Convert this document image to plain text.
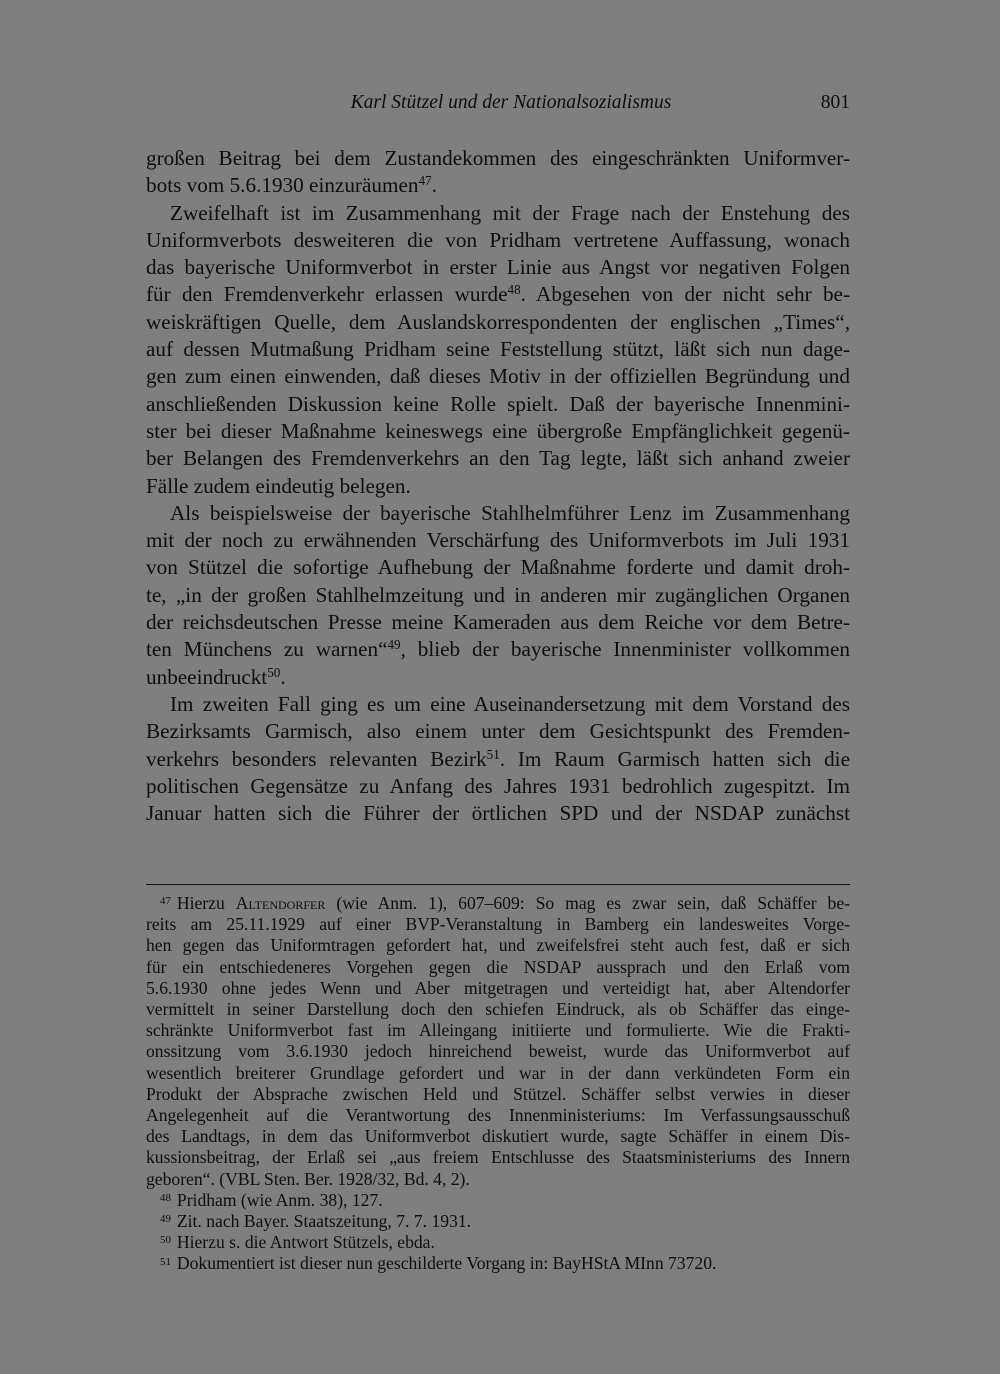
Karl Stützel und der Nationalsozialismus	801

großen Beitrag bei dem Zustandekommen des eingeschränkten Uniformver-
bots vom 5.6.1930 einzuräumen$^{47}$.

Zweifelhaft ist im Zusammenhang mit der Frage nach der Enstehung des
Uniformverbots desweiteren die von Pridham vertretene Auffassung, wonach
das bayerische Uniformverbot in erster Linie aus Angst vor negativen Folgen
für den Fremdenverkehr erlassen wurde$^{48}$. Abgesehen von der nicht sehr be-
weiskräftigen Quelle, dem Auslandskorrespondenten der englischen „Times“,
auf dessen Mutmaßung Pridham seine Feststellung stützt, läßt sich nun dage-
gen zum einen einwenden, daß dieses Motiv in der offiziellen Begründung und
anschließenden Diskussion keine Rolle spielt. Daß der bayerische Innenmini-
ster bei dieser Maßnahme keineswegs eine übergroße Empfänglichkeit gegenü-
ber Belangen des Fremdenverkehrs an den Tag legte, läßt sich anhand zweier
Fälle zudem eindeutig belegen.

Als beispielsweise der bayerische Stahlhelmführer Lenz im Zusammenhang
mit der noch zu erwähnenden Verschärfung des Uniformverbots im Juli 1931
von Stützel die sofortige Aufhebung der Maßnahme forderte und damit droh-
te, „in der großen Stahlhelmzeitung und in anderen mir zugänglichen Organen
der reichsdeutschen Presse meine Kameraden aus dem Reiche vor dem Betre-
ten Münchens zu warnen“$^{49}$, blieb der bayerische Innenminister vollkommen
unbeeindruckt$^{50}$.

Im zweiten Fall ging es um eine Auseinandersetzung mit dem Vorstand des
Bezirksamts Garmisch, also einem unter dem Gesichtspunkt des Fremden-
verkehrs besonders relevanten Bezirk$^{51}$. Im Raum Garmisch hatten sich die
politischen Gegensätze zu Anfang des Jahres 1931 bedrohlich zugespitzt. Im
Januar hatten sich die Führer der örtlichen SPD und der NSDAP zunächst

$^{47}$ Hierzu Altendorfer (wie Anm. 1), 607–609: So mag es zwar sein, daß Schäffer be-
reits am 25.11.1929 auf einer BVP-Veranstaltung in Bamberg ein landesweites Vorge-
hen gegen das Uniformtragen gefordert hat, und zweifelsfrei steht auch fest, daß er sich
für ein entschiedeneres Vorgehen gegen die NSDAP aussprach und den Erlaß vom
5.6.1930 ohne jedes Wenn und Aber mitgetragen und verteidigt hat, aber Altendorfer
vermittelt in seiner Darstellung doch den schiefen Eindruck, als ob Schäffer das einge-
schränkte Uniformverbot fast im Alleingang initiierte und formulierte. Wie die Frakti-
onssitzung vom 3.6.1930 jedoch hinreichend beweist, wurde das Uniformverbot auf
wesentlich breiterer Grundlage gefordert und war in der dann verkündeten Form ein
Produkt der Absprache zwischen Held und Stützel. Schäffer selbst verwies in dieser
Angelegenheit auf die Verantwortung des Innenministeriums: Im Verfassungsausschuß
des Landtags, in dem das Uniformverbot diskutiert wurde, sagte Schäffer in einem Dis-
kussionsbeitrag, der Erlaß sei „aus freiem Entschlusse des Staatsministeriums des Innern
geboren“. (VBL Sten. Ber. 1928/32, Bd. 4, 2).
$^{48}$ Pridham (wie Anm. 38), 127.
$^{49}$ Zit. nach Bayer. Staatszeitung, 7. 7. 1931.
$^{50}$ Hierzu s. die Antwort Stützels, ebda.
$^{51}$ Dokumentiert ist dieser nun geschilderte Vorgang in: BayHStA MInn 73720.
